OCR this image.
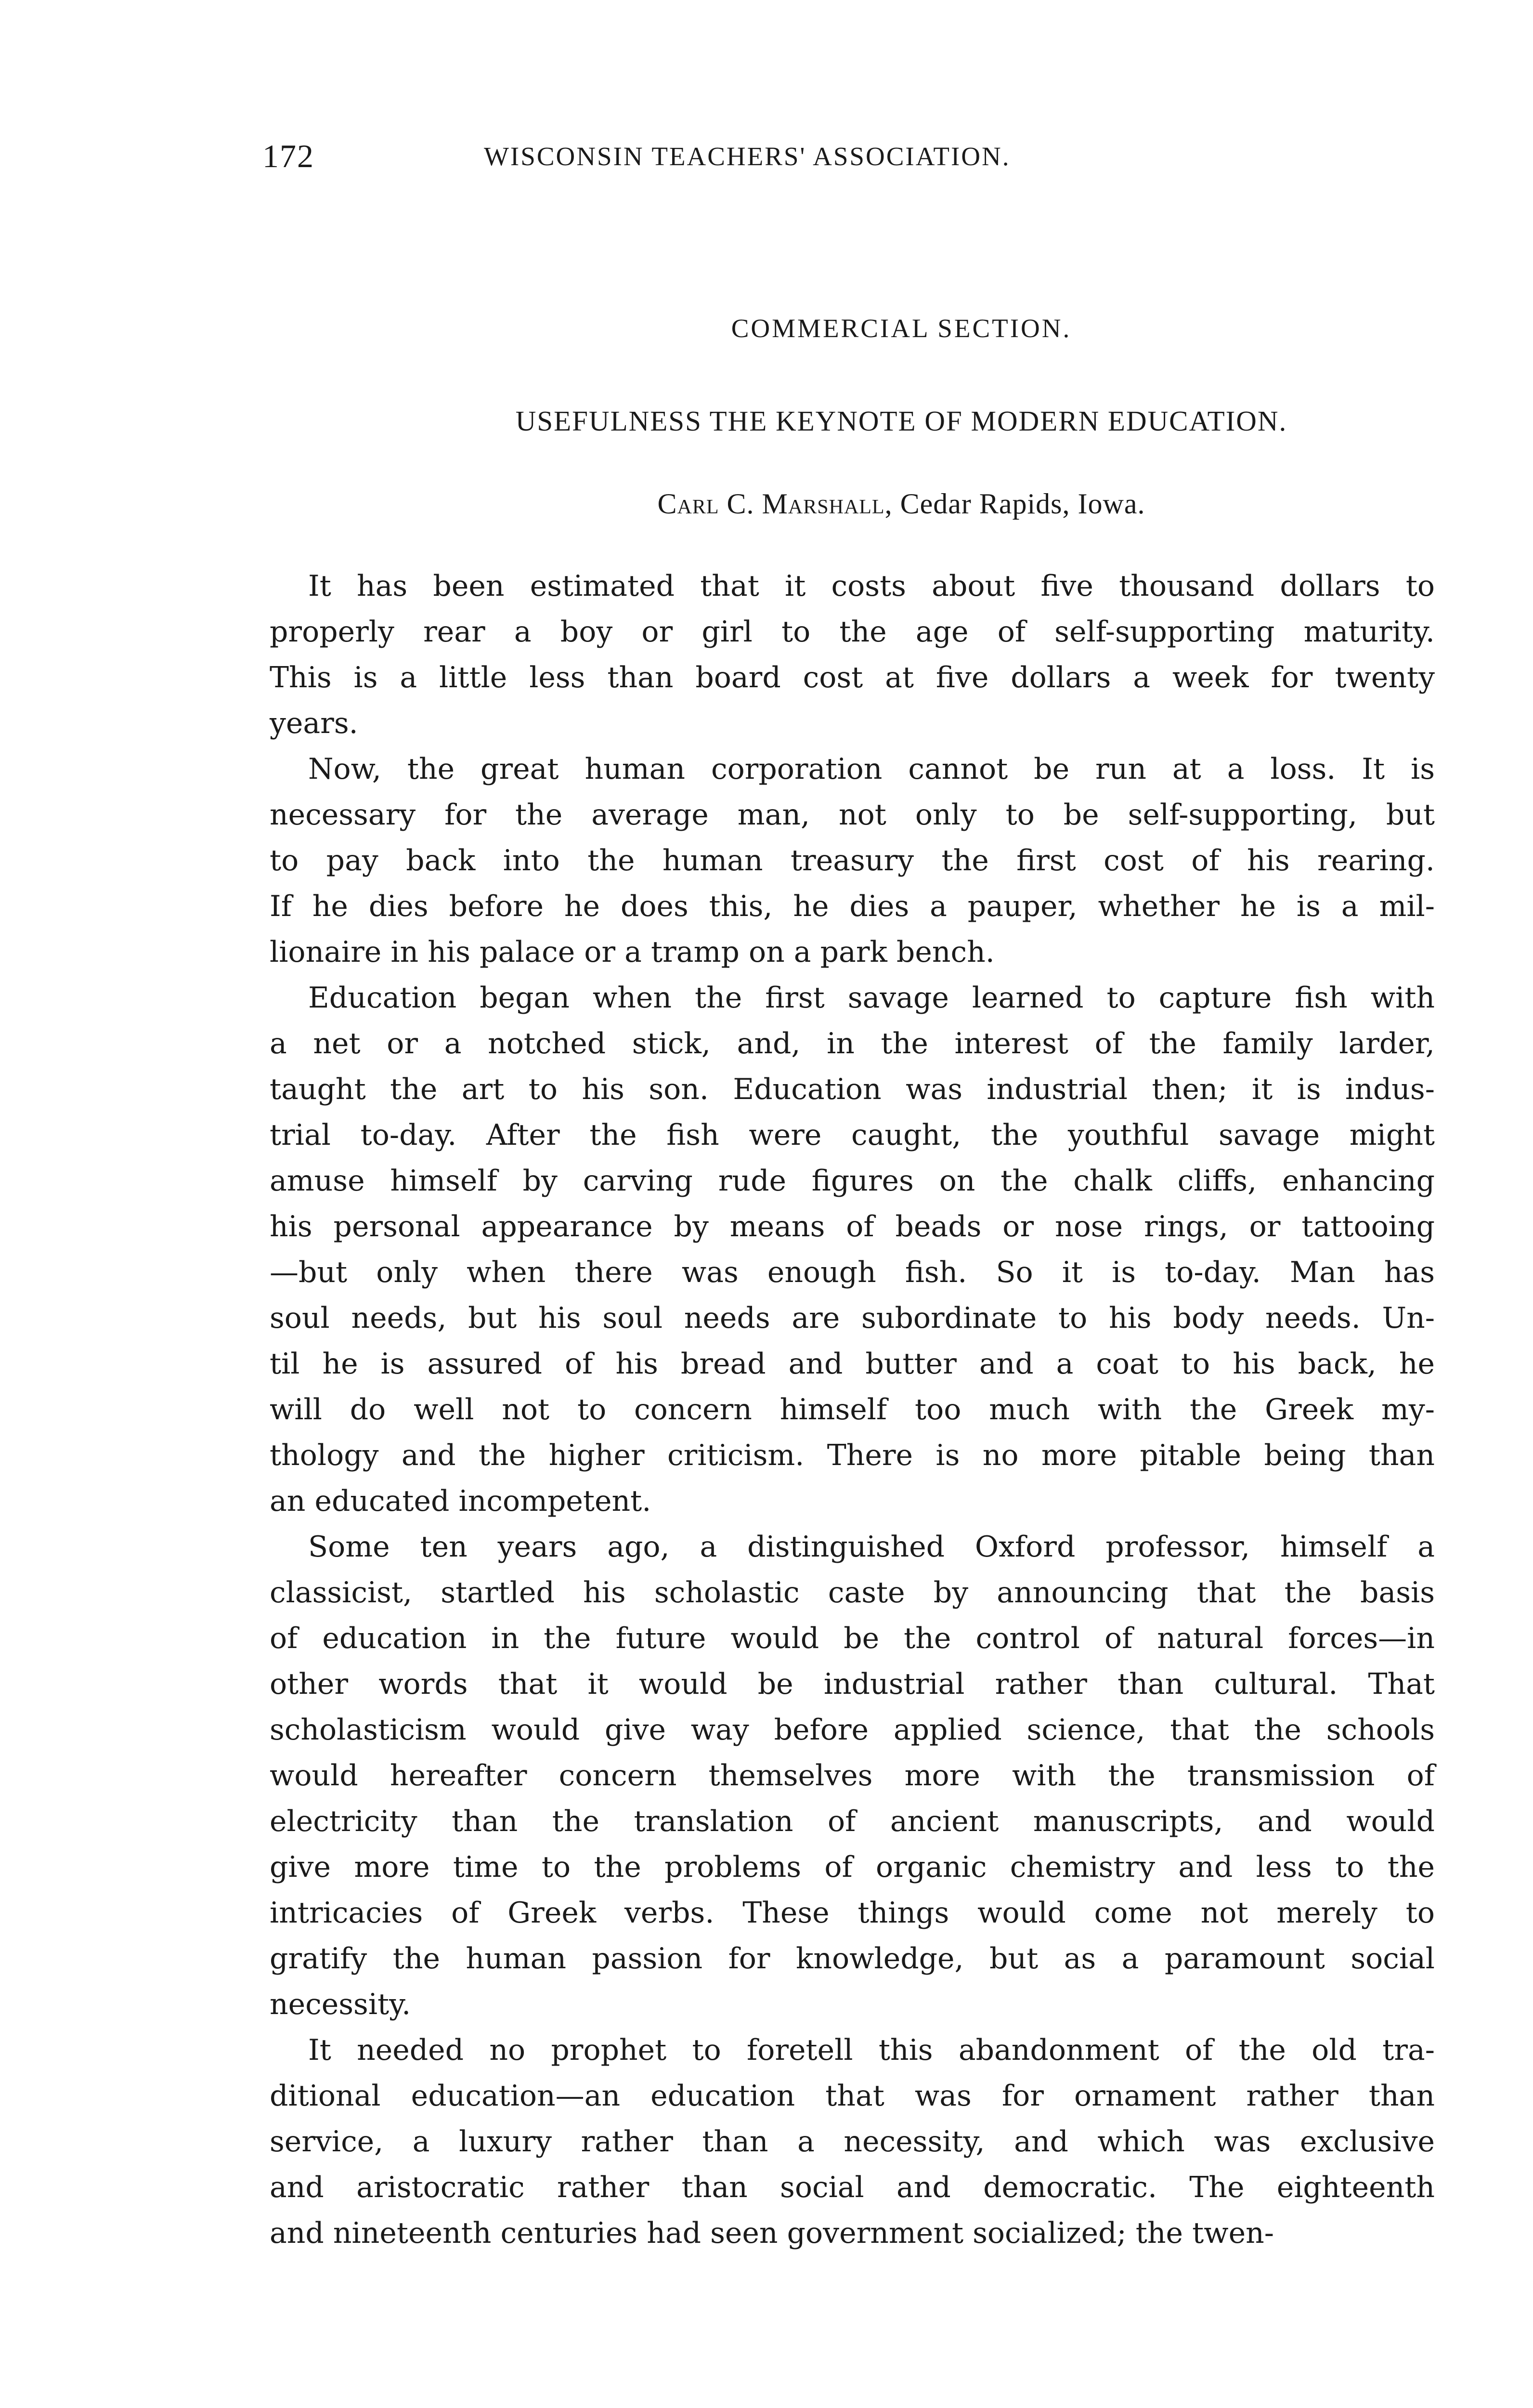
172	WISCONSIN TEACHERS' ASSOCIATION.
COMMERCIAL SECTION.
USEFULNESS THE KEYNOTE OF MODERN EDUCATION.
Carl C. Marshall, Cedar Rapids, Iowa.

It has been estimated that it costs about five thousand dollars to
properly rear a boy or girl to the age of self-supporting maturity.
This is a little less than board cost at five dollars a week for twenty
years.

Now, the great human corporation cannot be run at a loss. It is
necessary for the average man, not only to be self-supporting, but
to pay back into the human treasury the first cost of his rearing.
If he dies before he does this, he dies a pauper, whether he is a mil-
lionaire in his palace or a tramp on a park bench.

Education began when the first savage learned to capture fish with
a net or a notched stick, and, in the interest of the family larder,
taught the art to his son. Education was industrial then; it is indus-
trial to-day. After the fish were caught, the youthful savage might
amuse himself by carving rude figures on the chalk cliffs, enhancing
his personal appearance by means of beads or nose rings, or tattooing
—but only when there was enough fish. So it is to-day. Man has
soul needs, but his soul needs are subordinate to his body needs. Un-
til he is assured of his bread and butter and a coat to his back, he
will do well not to concern himself too much with the Greek my-
thology and the higher criticism. There is no more pitable being than
an educated incompetent.

Some ten years ago, a distinguished Oxford professor, himself a
classicist, startled his scholastic caste by announcing that the basis
of education in the future would be the control of natural forces—in
other words that it would be industrial rather than cultural. That
scholasticism would give way before applied science, that the schools
would hereafter concern themselves more with the transmission of
electricity than the translation of ancient manuscripts, and would
give more time to the problems of organic chemistry and less to the
intricacies of Greek verbs. These things would come not merely to
gratify the human passion for knowledge, but as a paramount social
necessity.

It needed no prophet to foretell this abandonment of the old tra-
ditional education—an education that was for ornament rather than
service, a luxury rather than a necessity, and which was exclusive
and aristocratic rather than social and democratic. The eighteenth
and nineteenth centuries had seen government socialized; the twen-
